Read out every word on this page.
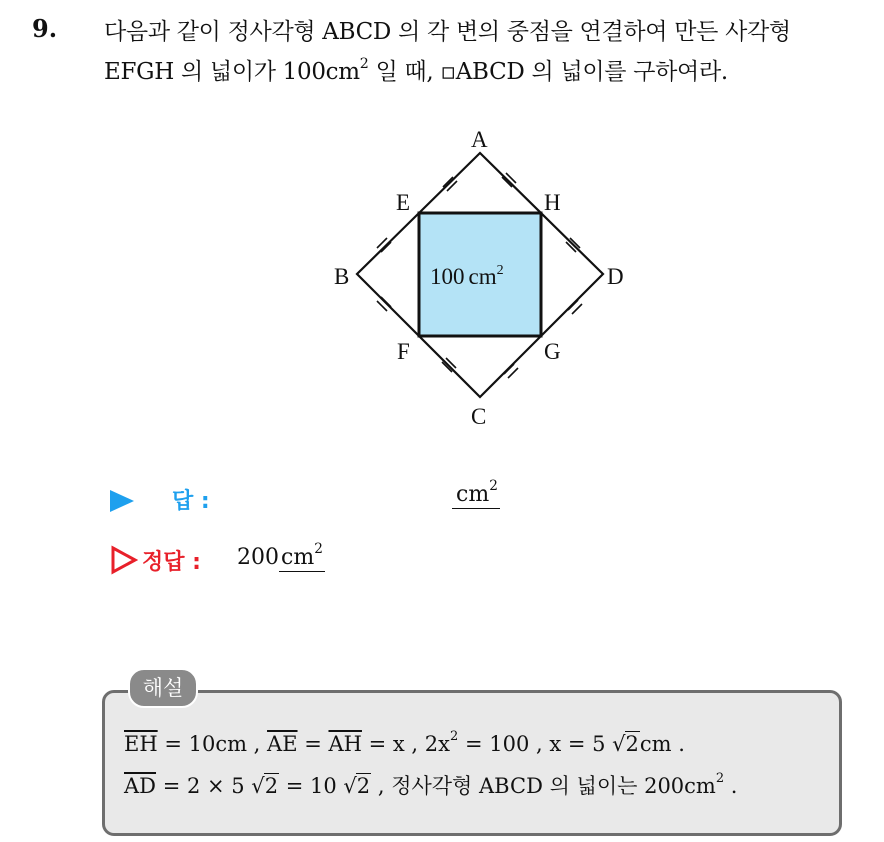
9. 다음과 같이 정사각형 ABCD 의 각 변의 중점을 연결하여 만든 사각형
EFGH 의 넓이가 $100cm^2$ 일 때, ▫ABCD 의 넓이를 구하여라.
A
B
C
D
E
F	G
H
100 $cm^2$
답 :	$cm^2$
정답 : $200cm^2$
해설
$\overline{EH} = 10cm$ , $\overline{AE} = \overline{AH} = x$ , $2x^2 = 100$ , x = 5 √2cm .
$\overline{AD} = 2 \times 5$ √2 = 10 √2 , 정사각형 ABCD 의 넓이는 $200cm^2$ .
